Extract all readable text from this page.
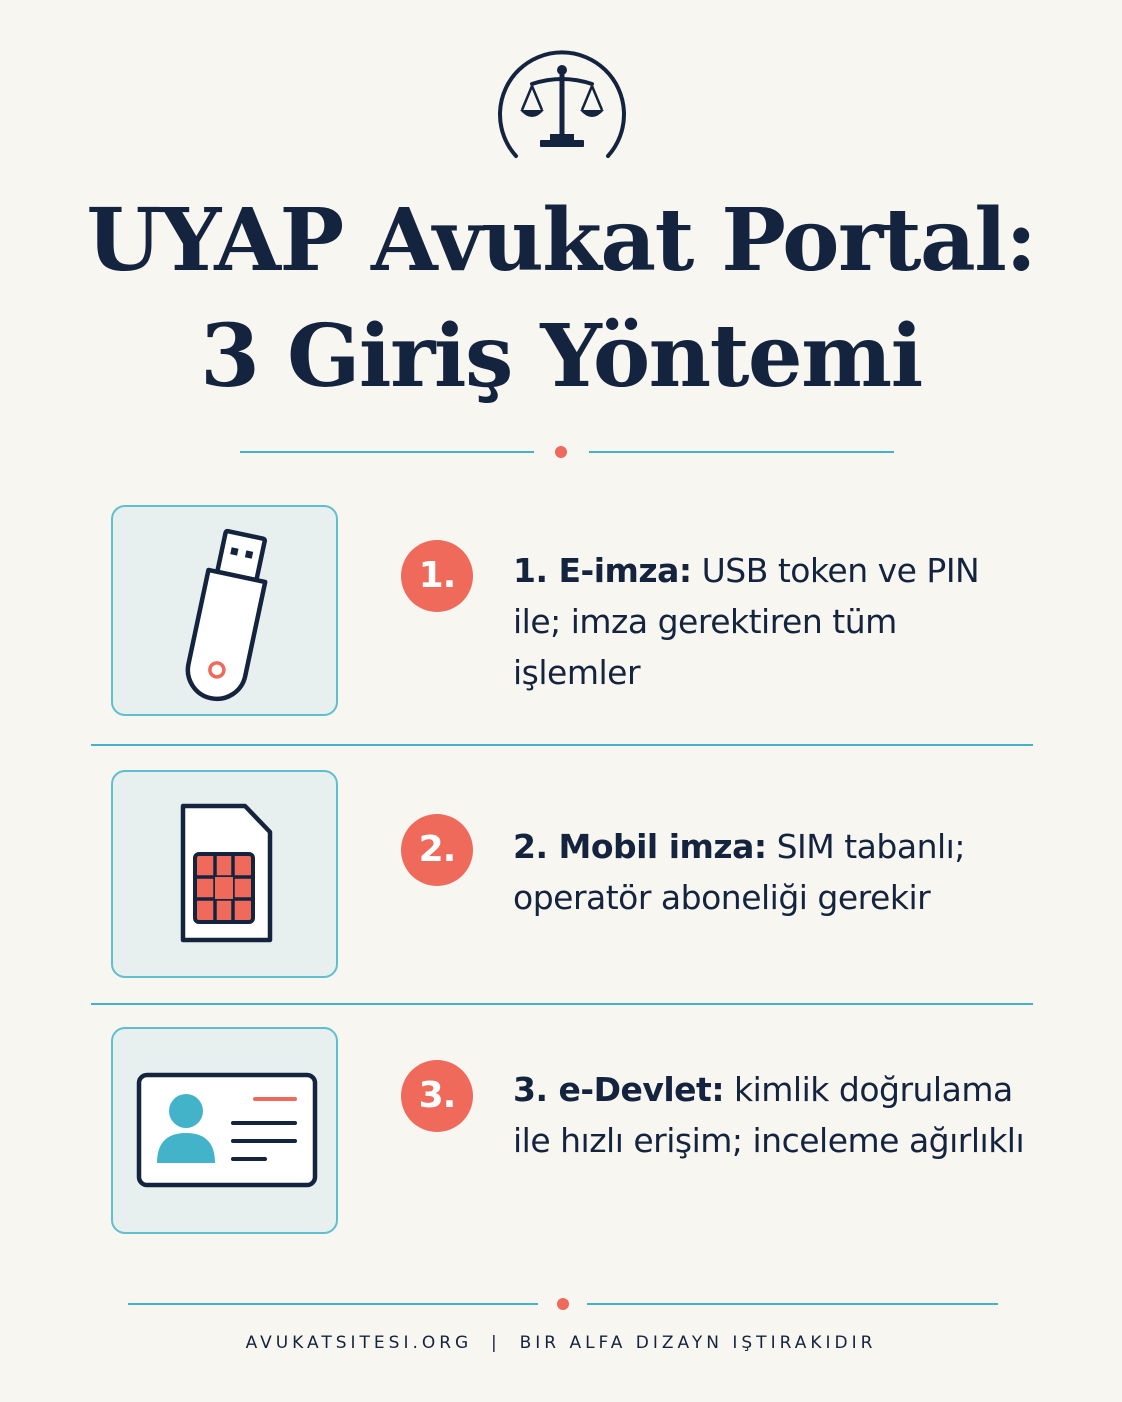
UYAP Avukat Portal:
3 Giriş Yöntemi
1.	1. E-imza: USB token ve PIN ile; imza gerektiren tüm işlemler

2.	2. Mobil imza: SIM tabanlı; operatör aboneliği gerekir

3.	3. e-Devlet: kimlik doğrulama ile hızlı erişim; inceleme ağırlıklı

AVUKATSITESI.ORG  |  BIR ALFA DIZAYN IŞTIRAKIDIR
